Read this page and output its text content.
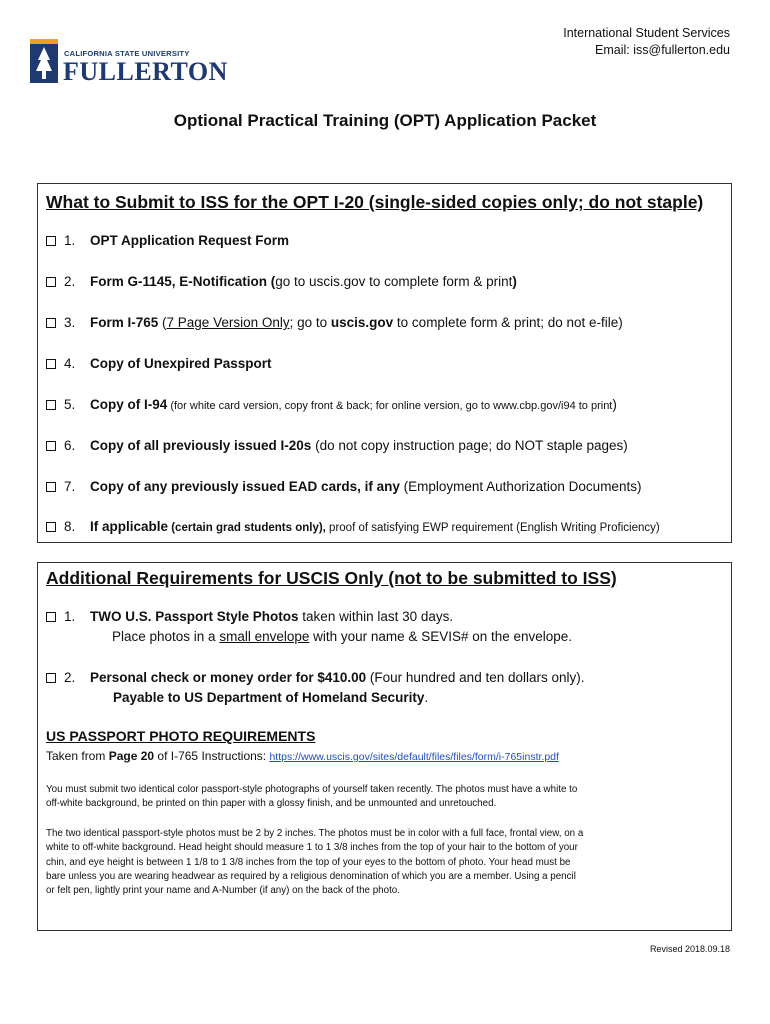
International Student Services
Email: iss@fullerton.edu
CALIFORNIA STATE UNIVERSITY
FULLERTON
Optional Practical Training (OPT) Application Packet
What to Submit to ISS for the OPT I-20 (single-sided copies only; do not staple)
1. OPT Application Request Form
2. Form G-1145, E-Notification (go to uscis.gov to complete form & print)
3. Form I-765 (7 Page Version Only; go to uscis.gov to complete form & print; do not e-file)
4. Copy of Unexpired Passport
5. Copy of I-94 (for white card version, copy front & back; for online version, go to www.cbp.gov/i94 to print)
6. Copy of all previously issued I-20s (do not copy instruction page; do NOT staple pages)
7. Copy of any previously issued EAD cards, if any (Employment Authorization Documents)
8. If applicable (certain grad students only), proof of satisfying EWP requirement (English Writing Proficiency)
Additional Requirements for USCIS Only (not to be submitted to ISS)
1. TWO U.S. Passport Style Photos taken within last 30 days.
Place photos in a small envelope with your name & SEVIS# on the envelope.
2. Personal check or money order for $410.00 (Four hundred and ten dollars only).
Payable to US Department of Homeland Security.
US PASSPORT PHOTO REQUIREMENTS
Taken from Page 20 of I-765 Instructions: https://www.uscis.gov/sites/default/files/files/form/i-765instr.pdf
You must submit two identical color passport-style photographs of yourself taken recently. The photos must have a white to off-white background, be printed on thin paper with a glossy finish, and be unmounted and unretouched.
The two identical passport-style photos must be 2 by 2 inches. The photos must be in color with a full face, frontal view, on a white to off-white background. Head height should measure 1 to 1 3/8 inches from the top of your hair to the bottom of your chin, and eye height is between 1 1/8 to 1 3/8 inches from the top of your eyes to the bottom of photo. Your head must be bare unless you are wearing headwear as required by a religious denomination of which you are a member. Using a pencil or felt pen, lightly print your name and A-Number (if any) on the back of the photo.
Revised 2018.09.18
